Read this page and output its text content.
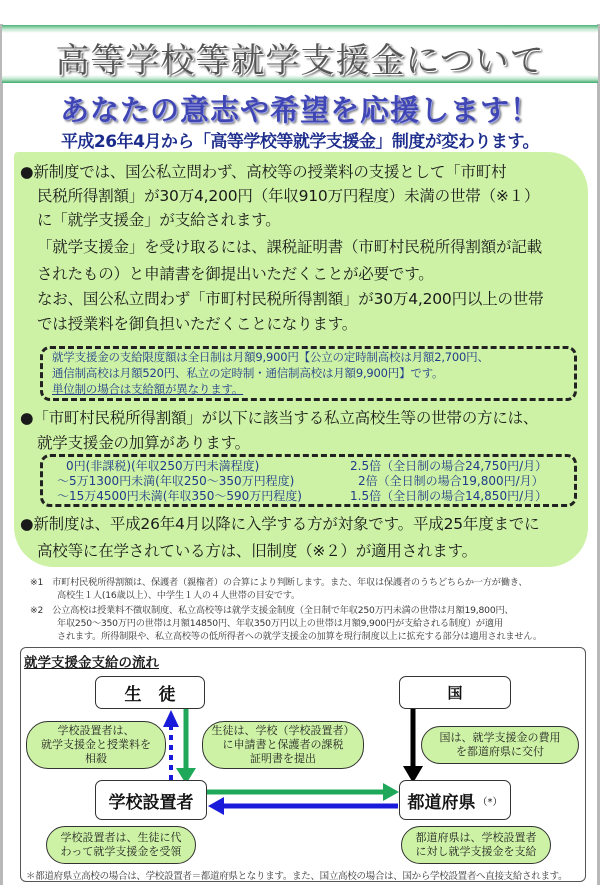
高等学校等就学支援金について
あなたの意志や希望を応援します！
平成26年4月から「高等学校等就学支援金」制度が変わります。
●新制度では、国公私立問わず、高校等の授業料の支援として「市町村
民税所得割額」が30万4,200円（年収910万円程度）未満の世帯（※１）
に「就学支援金」が支給されます。
「就学支援金」を受け取るには、課税証明書（市町村民税所得割額が記載
されたもの）と申請書を御提出いただくことが必要です。
なお、国公私立問わず「市町村民税所得割額」が30万4,200円以上の世帯
では授業料を御負担いただくことになります。
就学支援金の支給限度額は全日制は月額9,900円【公立の定時制高校は月額2,700円、
通信制高校は月額520円、私立の定時制・通信制高校は月額9,900円】です。
単位制の場合は支給額が異なります。
●「市町村民税所得割額」が以下に該当する私立高校生等の世帯の方には、
就学支援金の加算があります。
0円(非課税)(年収250万円未満程度)	2.5倍（全日制の場合24,750円/月）
～5万1300円未満(年収250～350万円程度)	2倍（全日制の場合19,800円/月）
～15万4500円未満(年収350～590万円程度)	1.5倍（全日制の場合14,850円/月）
●新制度は、平成26年4月以降に入学する方が対象です。平成25年度までに
高校等に在学されている方は、旧制度（※２）が適用されます。
※1　市町村民税所得割額は、保護者（親権者）の合算により判断します。また、年収は保護者のうちどちらか一方が働き、
　　　高校生１人(16歳以上）、中学生１人の４人世帯の目安です。
※2　公立高校は授業料不徴収制度、私立高校等は就学支援金制度（全日制で年収250万円未満の世帯は月額19,800円、
　　　年収250～350万円の世帯は月額14850円、年収350万円以上の世帯は月額9,900円が支給される制度）が適用
　　　されます。所得制限や、私立高校等の低所得者への就学支援金の加算を現行制度以上に拡充する部分は適用されません。
就学支援金支給の流れ
生　徒	国
学校設置者	都道府県 （*）
学校設置者は、
就学支援金と授業料を
相殺
生徒は、学校（学校設置者）
に申請書と保護者の課税
証明書を提出
国は、就学支援金の費用
を都道府県に交付
学校設置者は、生徒に代
わって就学支援金を受領
都道府県は、学校設置者
に対し就学支援金を支給
＊都道府県立高校の場合は、学校設置者＝都道府県となります。また、国立高校の場合は、国から学校設置者へ直接支給されます。
